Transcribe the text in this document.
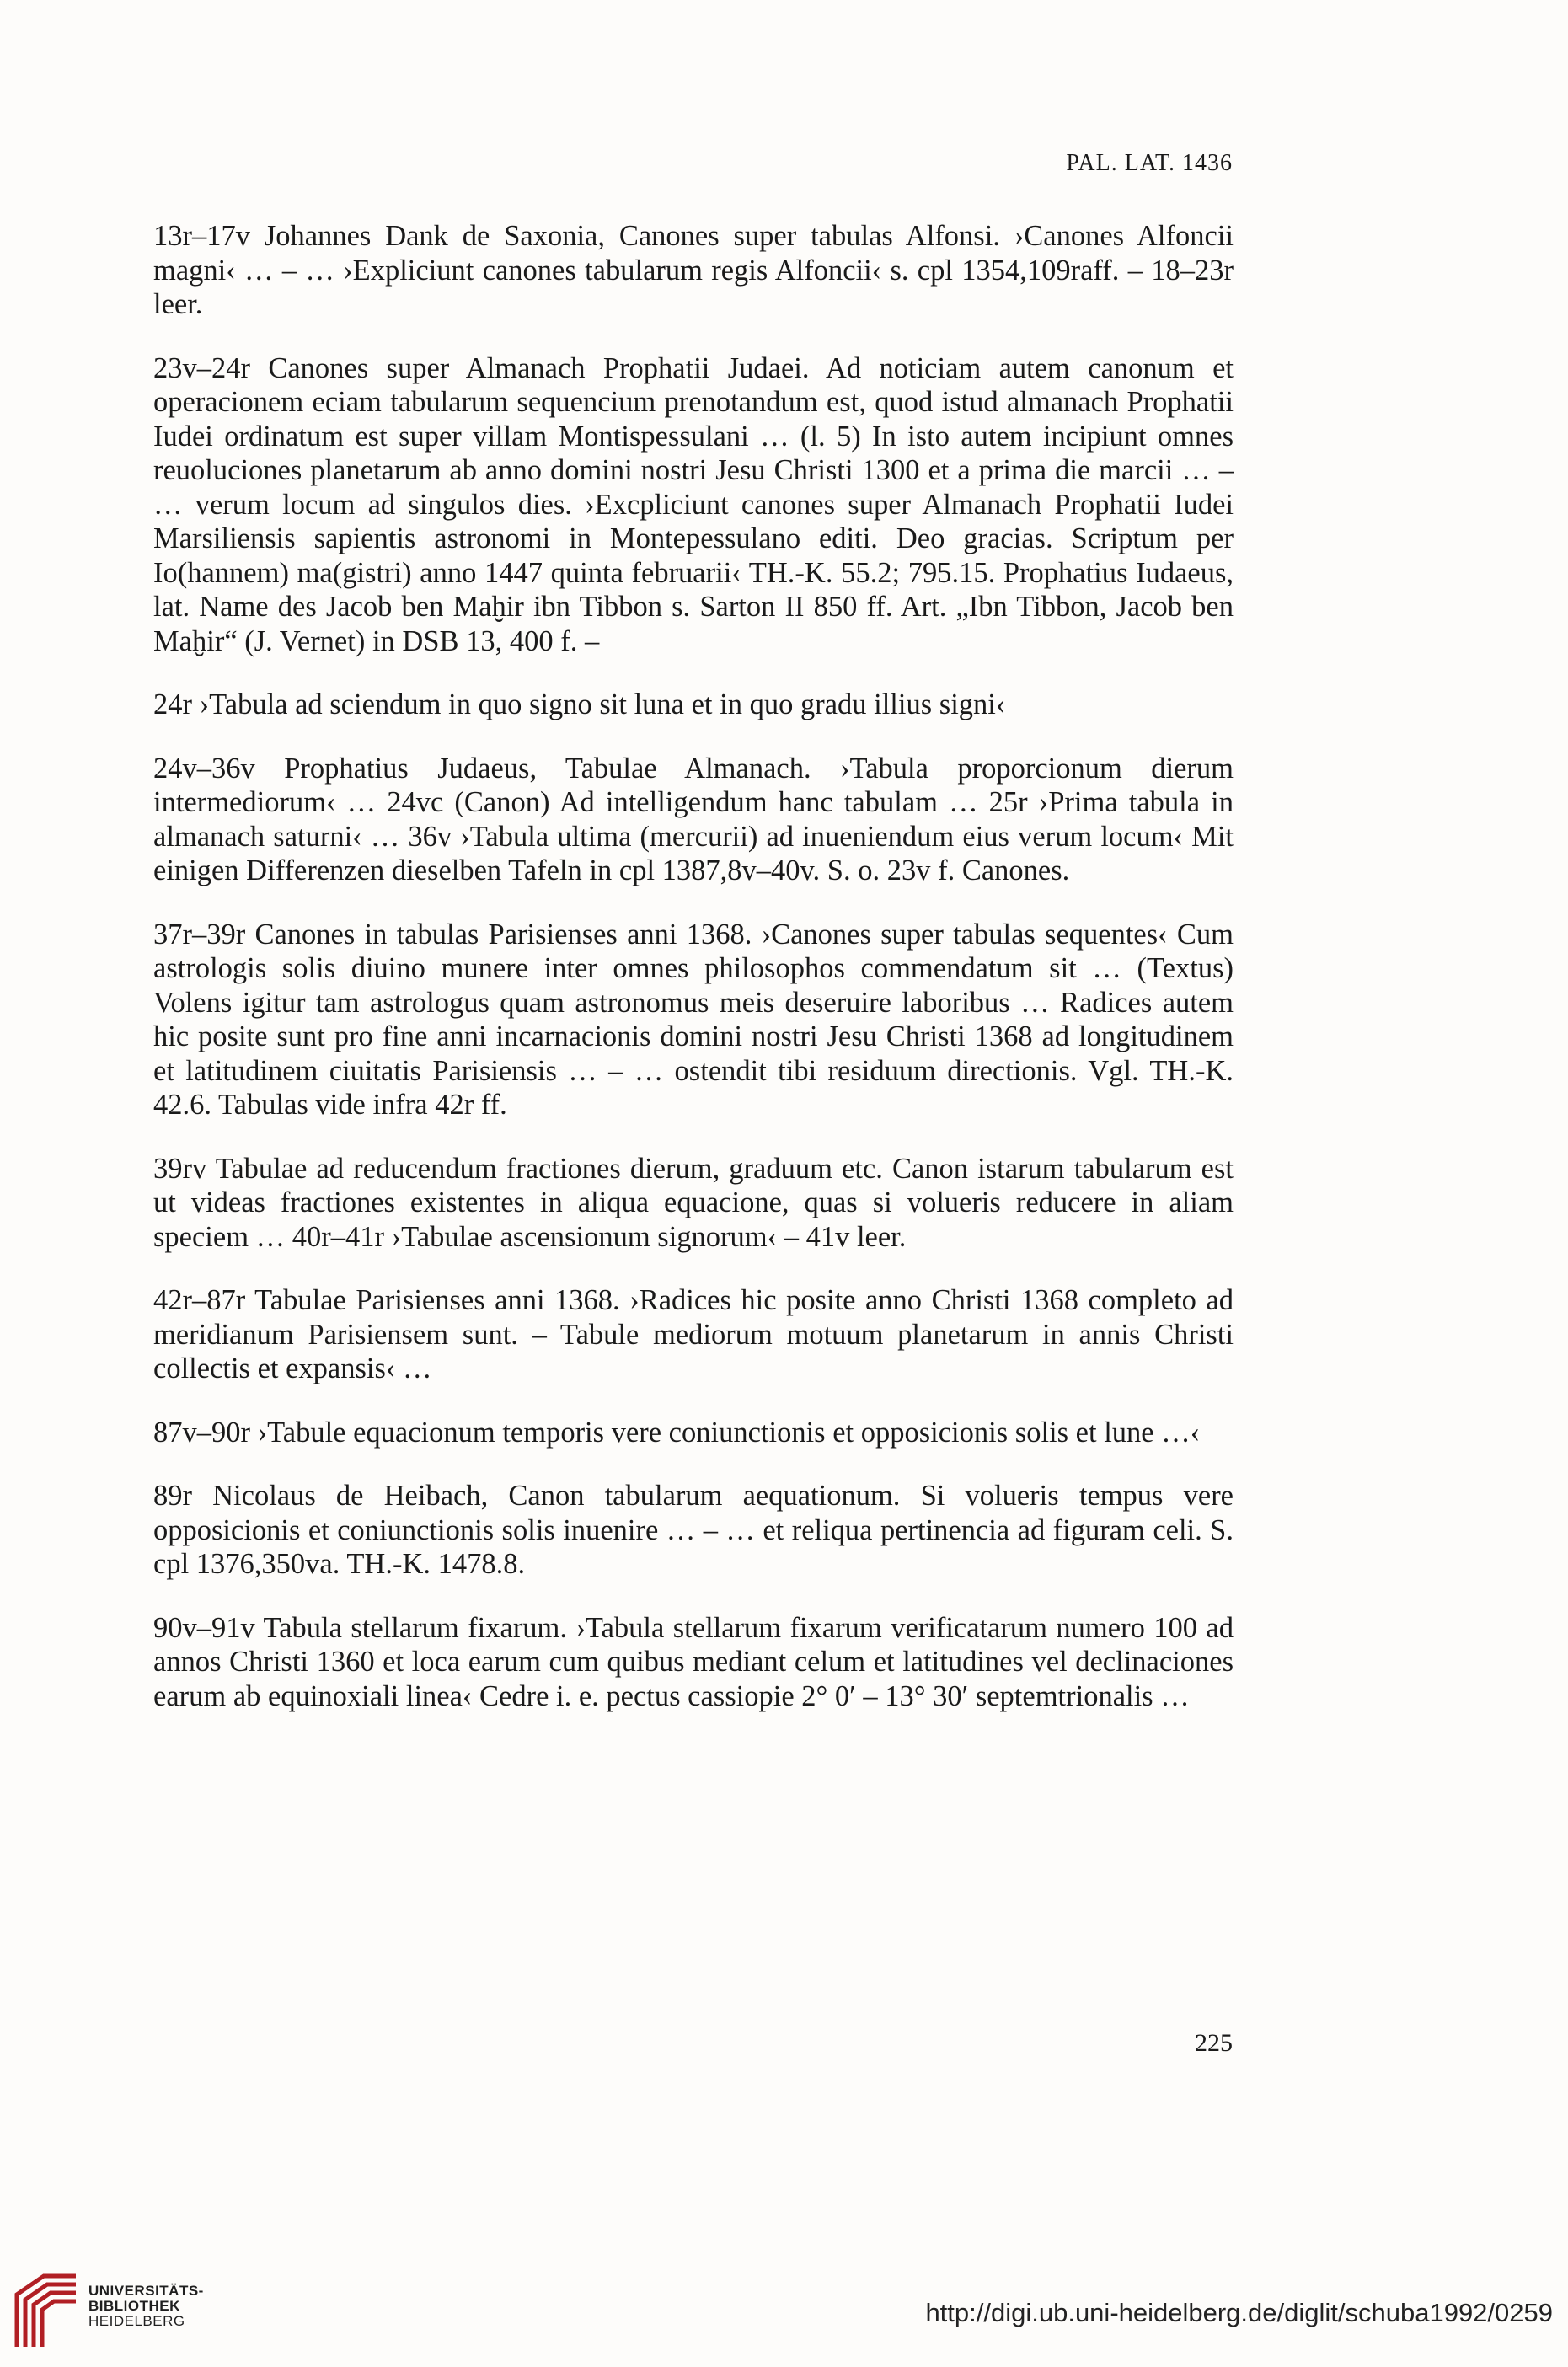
PAL. LAT. 1436

13r–17v Johannes Dank de Saxonia, Canones super tabulas Alfonsi. ›Canones Alfoncii magni‹ … – … ›Expliciunt canones tabularum regis Alfoncii‹ s. cpl 1354,109raff. – 18–23r leer.

23v–24r Canones super Almanach Prophatii Judaei. Ad noticiam autem canonum et operacionem eciam tabularum sequencium prenotandum est, quod istud almanach Prophatii Iudei ordinatum est super villam Montispessulani … (l. 5) In isto autem incipiunt omnes reuoluciones planetarum ab anno domini nostri Jesu Christi 1300 et a prima die marcii … – … verum locum ad singulos dies. ›Excpliciunt canones super Almanach Prophatii Iudei Marsiliensis sapientis astronomi in Montepessulano editi. Deo gracias. Scriptum per Io(hannem) ma(gistri) anno 1447 quinta februarii‹ TH.-K. 55.2; 795.15. Prophatius Iudaeus, lat. Name des Jacob ben Maḫir ibn Tibbon s. Sarton II 850 ff. Art. „Ibn Tibbon, Jacob ben Maḫir“ (J. Vernet) in DSB 13, 400 f. –

24r ›Tabula ad sciendum in quo signo sit luna et in quo gradu illius signi‹

24v–36v Prophatius Judaeus, Tabulae Almanach. ›Tabula proporcionum dierum intermediorum‹ … 24vc (Canon) Ad intelligendum hanc tabulam … 25r ›Prima tabula in almanach saturni‹ … 36v ›Tabula ultima (mercurii) ad inueniendum eius verum locum‹ Mit einigen Differenzen dieselben Tafeln in cpl 1387,8v–40v. S. o. 23v f. Canones.

37r–39r Canones in tabulas Parisienses anni 1368. ›Canones super tabulas sequentes‹ Cum astrologis solis diuino munere inter omnes philosophos commendatum sit … (Textus) Volens igitur tam astrologus quam astronomus meis deseruire laboribus … Radices autem hic posite sunt pro fine anni incarnacionis domini nostri Jesu Christi 1368 ad longitudinem et latitudinem ciuitatis Parisiensis … – … ostendit tibi residuum directionis. Vgl. TH.-K. 42.6. Tabulas vide infra 42r ff.

39rv Tabulae ad reducendum fractiones dierum, graduum etc. Canon istarum tabularum est ut videas fractiones existentes in aliqua equacione, quas si volueris reducere in aliam speciem … 40r–41r ›Tabulae ascensionum signorum‹ – 41v leer.

42r–87r Tabulae Parisienses anni 1368. ›Radices hic posite anno Christi 1368 completo ad meridianum Parisiensem sunt. – Tabule mediorum motuum planetarum in annis Christi collectis et expansis‹ …

87v–90r ›Tabule equacionum temporis vere coniunctionis et opposicionis solis et lune …‹

89r Nicolaus de Heibach, Canon tabularum aequationum. Si volueris tempus vere opposicionis et coniunctionis solis inuenire … – … et reliqua pertinencia ad figuram celi. S. cpl 1376,350va. TH.-K. 1478.8.

90v–91v Tabula stellarum fixarum. ›Tabula stellarum fixarum verificatarum numero 100 ad annos Christi 1360 et loca earum cum quibus mediant celum et latitudines vel declinaciones earum ab equinoxiali linea‹ Cedre i. e. pectus cassiopie 2° 0′ – 13° 30′ septemtrionalis …

225
UNIVERSITÄTS-
BIBLIOTHEK
HEIDELBERG	http://digi.ub.uni-heidelberg.de/diglit/schuba1992/0259
